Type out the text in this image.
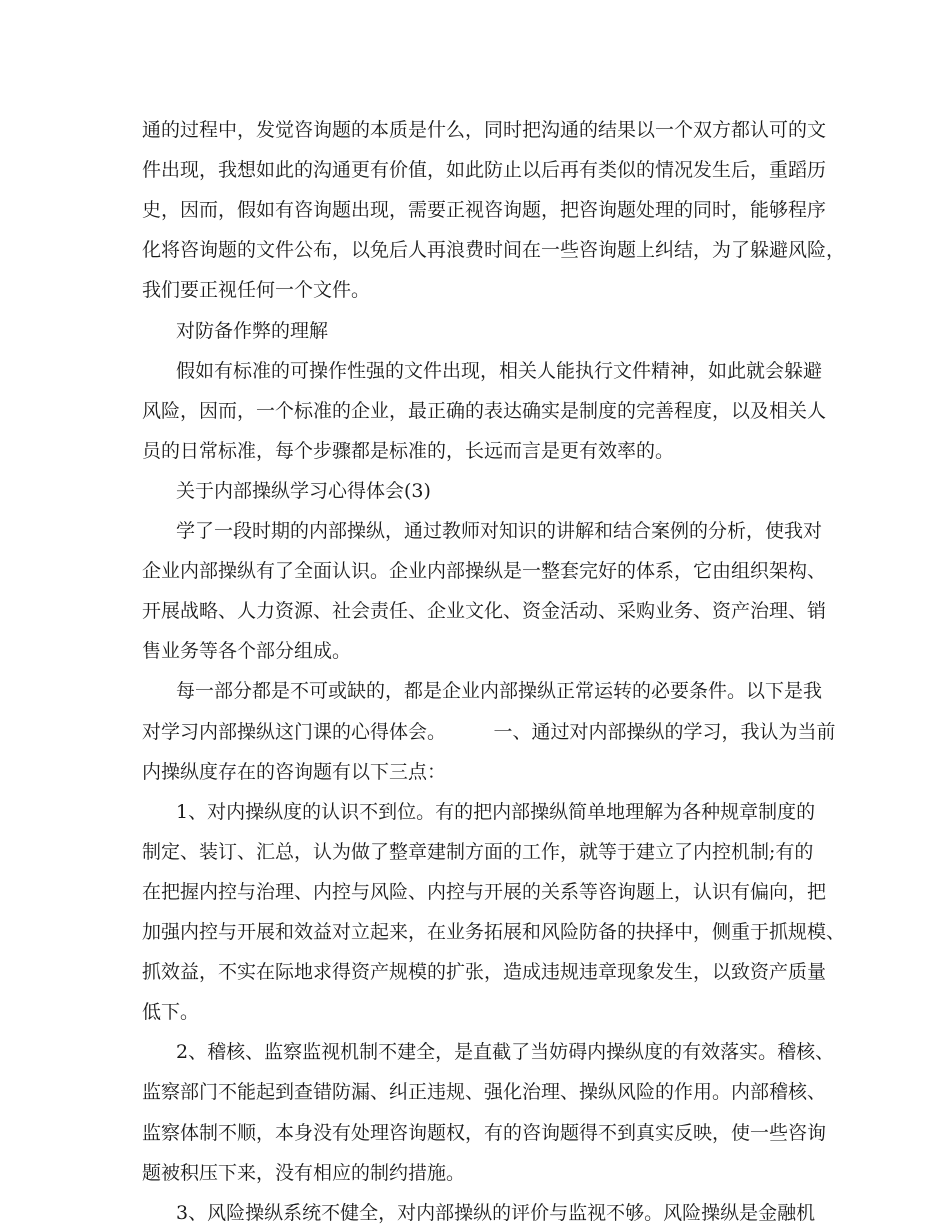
通的过程中，发觉咨询题的本质是什么，同时把沟通的结果以一个双方都认可的文
件出现，我想如此的沟通更有价值，如此防止以后再有类似的情况发生后，重蹈历
史，因而，假如有咨询题出现，需要正视咨询题，把咨询题处理的同时，能够程序
化将咨询题的文件公布，以免后人再浪费时间在一些咨询题上纠结，为了躲避风险，
我们要正视任何一个文件。
对防备作弊的理解
假如有标准的可操作性强的文件出现，相关人能执行文件精神，如此就会躲避
风险，因而，一个标准的企业，最正确的表达确实是制度的完善程度，以及相关人
员的日常标准，每个步骤都是标准的，长远而言是更有效率的。
关于内部操纵学习心得体会(3)
学了一段时期的内部操纵，通过教师对知识的讲解和结合案例的分析，使我对
企业内部操纵有了全面认识。企业内部操纵是一整套完好的体系，它由组织架构、
开展战略、人力资源、社会责任、企业文化、资金活动、采购业务、资产治理、销
售业务等各个部分组成。
每一部分都是不可或缺的，都是企业内部操纵正常运转的必要条件。以下是我
对学习内部操纵这门课的心得体会。　　　一、通过对内部操纵的学习，我认为当前
内操纵度存在的咨询题有以下三点：
1、对内操纵度的认识不到位。有的把内部操纵简单地理解为各种规章制度的
制定、装订、汇总，认为做了整章建制方面的工作，就等于建立了内控机制;有的
在把握内控与治理、内控与风险、内控与开展的关系等咨询题上，认识有偏向，把
加强内控与开展和效益对立起来，在业务拓展和风险防备的抉择中，侧重于抓规模、
抓效益，不实在际地求得资产规模的扩张，造成违规违章现象发生，以致资产质量
低下。
2、稽核、监察监视机制不建全，是直截了当妨碍内操纵度的有效落实。稽核、
监察部门不能起到查错防漏、纠正违规、强化治理、操纵风险的作用。内部稽核、
监察体制不顺，本身没有处理咨询题权，有的咨询题得不到真实反映，使一些咨询
题被积压下来，没有相应的制约措施。
3、风险操纵系统不健全，对内部操纵的评价与监视不够。风险操纵是金融机
